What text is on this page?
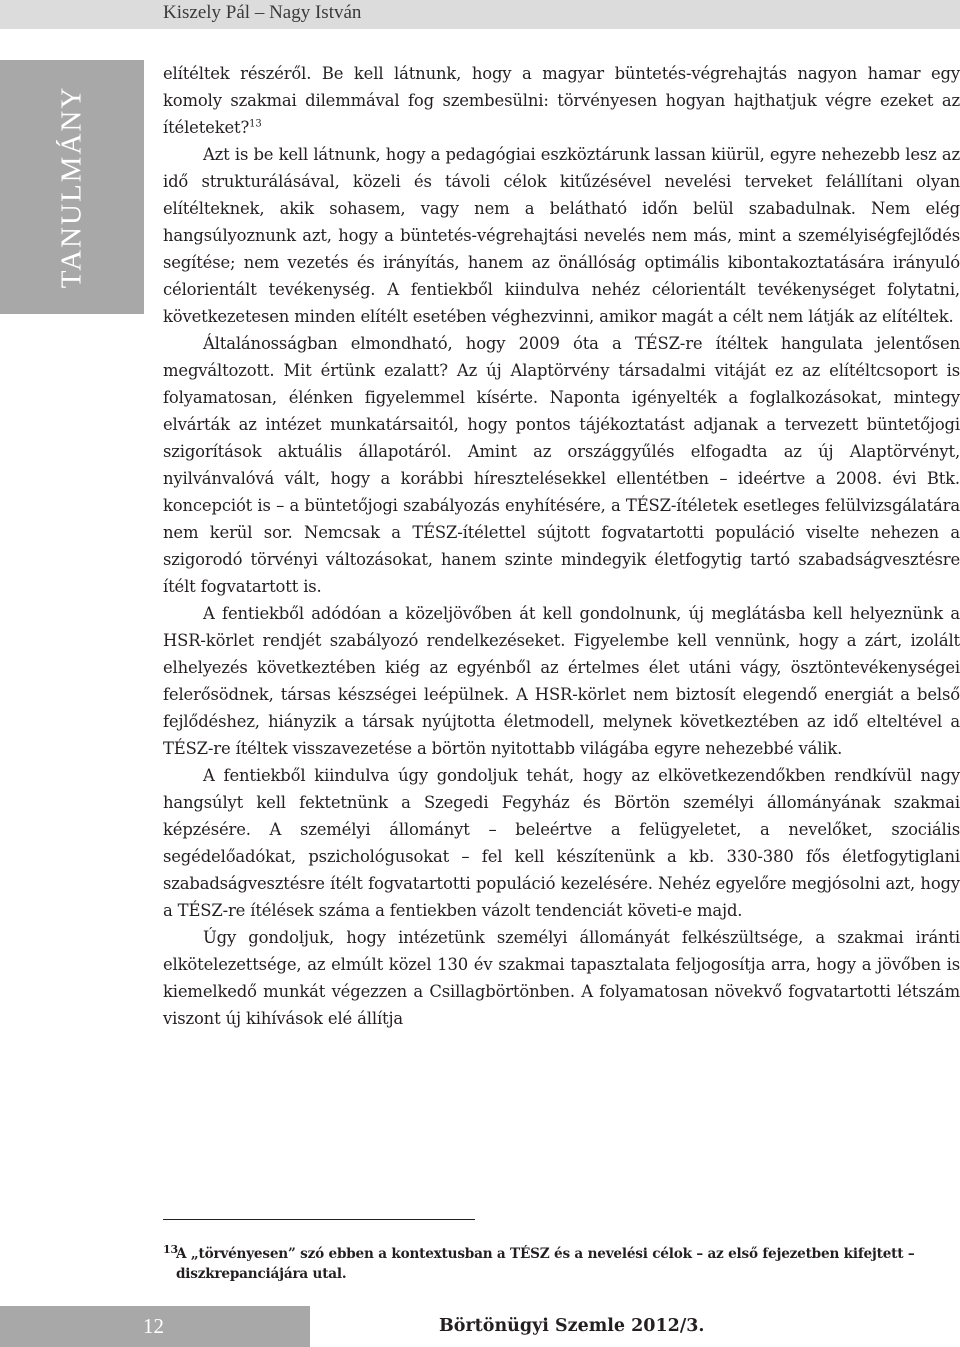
Kiszely Pál – Nagy István
TANULMÁNY

elítéltek részéről. Be kell látnunk, hogy a magyar büntetés-végrehajtás nagyon hamar egy komoly szakmai dilemmával fog szembesülni: törvényesen hogyan hajthatjuk végre ezeket az ítéleteket?$^{13}$

Azt is be kell látnunk, hogy a pedagógiai eszköztárunk lassan kiürül, egyre nehezebb lesz az idő strukturálásával, közeli és távoli célok kitűzésével nevelési terveket felállítani olyan elítélteknek, akik sohasem, vagy nem a belátható időn belül szabadulnak. Nem elég hangsúlyoznunk azt, hogy a büntetés-végrehajtási nevelés nem más, mint a személyiségfejlődés segítése; nem vezetés és irányítás, hanem az önállóság optimális kibontakoztatására irányuló célorientált tevékenység. A fentiekből kiindulva nehéz célorientált tevékenységet folytatni, következetesen minden elítélt esetében véghezvinni, amikor magát a célt nem látják az elítéltek.

Általánosságban elmondható, hogy 2009 óta a TÉSZ-re ítéltek hangulata jelentősen megváltozott. Mit értünk ezalatt? Az új Alaptörvény társadalmi vitáját ez az elítéltcsoport is folyamatosan, élénken figyelemmel kísérte. Naponta igényelték a foglalkozásokat, mintegy elvárták az intézet munkatársaitól, hogy pontos tájékoztatást adjanak a tervezett büntetőjogi szigorítások aktuális állapotáról. Amint az országgyűlés elfogadta az új Alaptörvényt, nyilvánvalóvá vált, hogy a korábbi híresztelésekkel ellentétben – ideértve a 2008. évi Btk. koncepciót is – a büntetőjogi szabályozás enyhítésére, a TÉSZ-ítéletek esetleges felülvizsgálatára nem kerül sor. Nemcsak a TÉSZ-ítélettel sújtott fogvatartotti populáció viselte nehezen a szigorodó törvényi változásokat, hanem szinte mindegyik életfogytig tartó szabadságvesztésre ítélt fogvatartott is.

A fentiekből adódóan a közeljövőben át kell gondolnunk, új meglátásba kell helyeznünk a HSR-körlet rendjét szabályozó rendelkezéseket. Figyelembe kell vennünk, hogy a zárt, izolált elhelyezés következtében kiég az egyénből az értelmes élet utáni vágy, ösztöntevékenységei felerősödnek, társas készségei leépülnek. A HSR-körlet nem biztosít elegendő energiát a belső fejlődéshez, hiányzik a társak nyújtotta életmodell, melynek következtében az idő elteltével a TÉSZ-re ítéltek visszavezetése a börtön nyitottabb világába egyre nehezebbé válik.

A fentiekből kiindulva úgy gondoljuk tehát, hogy az elkövetkezendőkben rendkívül nagy hangsúlyt kell fektetnünk a Szegedi Fegyház és Börtön személyi állományának szakmai képzésére. A személyi állományt – beleértve a felügyeletet, a nevelőket, szociális segédelőadókat, pszichológusokat – fel kell készítenünk a kb. 330-380 fős életfogytiglani szabadságvesztésre ítélt fogvatartotti populáció kezelésére. Nehéz egyelőre megjósolni azt, hogy a TÉSZ-re ítélések száma a fentiekben vázolt tendenciát követi-e majd.

Úgy gondoljuk, hogy intézetünk személyi állományát felkészültsége, a szakmai iránti elkötelezettsége, az elmúlt közel 130 év szakmai tapasztalata feljogosítja arra, hogy a jövőben is kiemelkedő munkát végezzen a Csillagbörtönben. A folyamatosan növekvő fogvatartotti létszám viszont új kihívások elé állítja

13
A „törvényesen” szó ebben a kontextusban a TÉSZ és a nevelési célok – az első fejezetben kifejtett – diszkrepanciájára utal.
12	Börtönügyi Szemle 2012/3.
